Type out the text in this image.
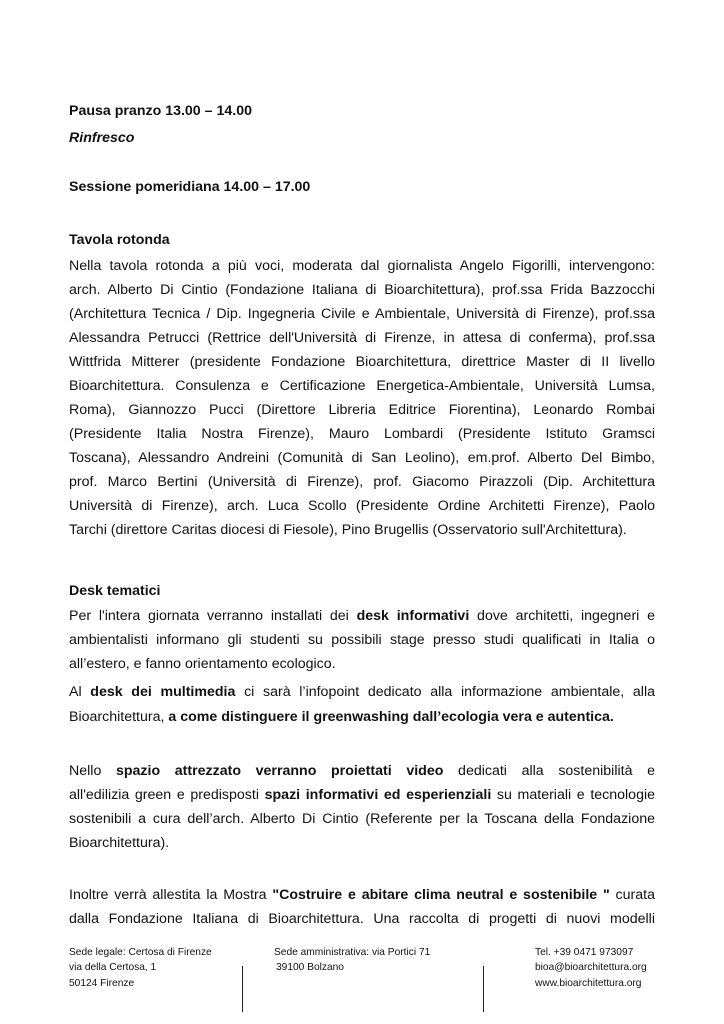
Pausa pranzo 13.00 – 14.00
Rinfresco
Sessione pomeridiana 14.00 – 17.00
Tavola rotonda
Nella tavola rotonda a più voci, moderata dal giornalista Angelo Figorilli, intervengono:
arch. Alberto Di Cintio (Fondazione Italiana di Bioarchitettura), prof.ssa Frida Bazzocchi
(Architettura Tecnica / Dip. Ingegneria Civile e Ambientale, Università di Firenze), prof.ssa
Alessandra Petrucci (Rettrice dell'Università di Firenze, in attesa di conferma), prof.ssa
Wittfrida Mitterer (presidente Fondazione Bioarchitettura, direttrice Master di II livello
Bioarchitettura. Consulenza e Certificazione Energetica-Ambientale, Università Lumsa,
Roma), Giannozzo Pucci (Direttore Libreria Editrice Fiorentina), Leonardo Rombai
(Presidente Italia Nostra Firenze), Mauro Lombardi (Presidente Istituto Gramsci
Toscana), Alessandro Andreini (Comunità di San Leolino), em.prof. Alberto Del Bimbo,
prof. Marco Bertini (Università di Firenze), prof. Giacomo Pirazzoli (Dip. Architettura
Università di Firenze), arch. Luca Scollo (Presidente Ordine Architetti Firenze), Paolo
Tarchi (direttore Caritas diocesi di Fiesole), Pino Brugellis (Osservatorio sull'Architettura).
Desk tematici
Per l'intera giornata verranno installati dei desk informativi dove architetti, ingegneri e
ambientalisti informano gli studenti su possibili stage presso studi qualificati in Italia o
all’estero, e fanno orientamento ecologico.
Al desk dei multimedia ci sarà l’infopoint dedicato alla informazione ambientale, alla
Bioarchitettura, a come distinguere il greenwashing dall’ecologia vera e autentica.
Nello spazio attrezzato verranno proiettati video dedicati alla sostenibilità e
all'edilizia green e predisposti spazi informativi ed esperienziali su materiali e tecnologie
sostenibili a cura dell’arch. Alberto Di Cintio (Referente per la Toscana della Fondazione
Bioarchitettura).
Inoltre verrà allestita la Mostra "Costruire e abitare clima neutral e sostenibile " curata
dalla Fondazione Italiana di Bioarchitettura. Una raccolta di progetti di nuovi modelli
Sede legale: Certosa di Firenze
via della Certosa, 1
50124 Firenze
Sede amministrativa: via Portici 71
39100 Bolzano
Tel. +39 0471 973097
bioa@bioarchitettura.org
www.bioarchitettura.org
